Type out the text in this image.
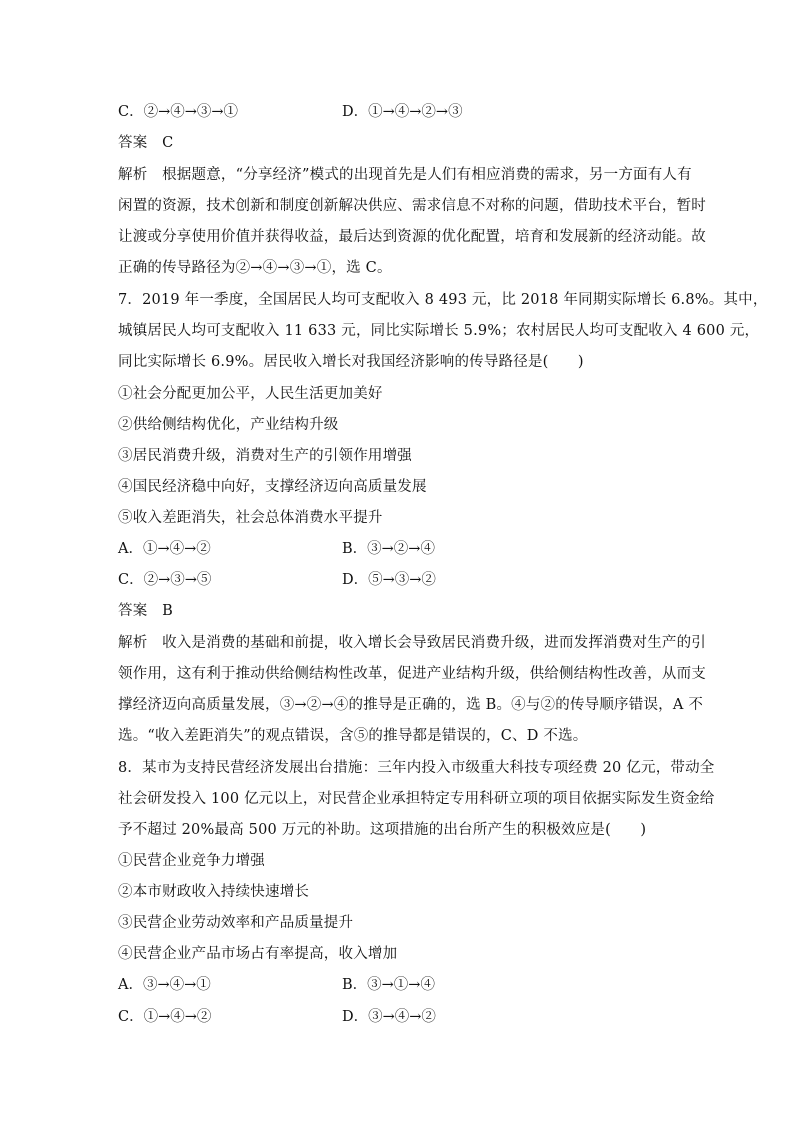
C．②→④→③→①	D．①→④→②→③
答案　C
解析　根据题意，“分享经济”模式的出现首先是人们有相应消费的需求，另一方面有人有
闲置的资源，技术创新和制度创新解决供应、需求信息不对称的问题，借助技术平台，暂时
让渡或分享使用价值并获得收益，最后达到资源的优化配置，培育和发展新的经济动能。故
正确的传导路径为②→④→③→①，选 C。
7．2019 年一季度，全国居民人均可支配收入 8 493 元，比 2018 年同期实际增长 6.8%。其中，
城镇居民人均可支配收入 11 633 元，同比实际增长 5.9%；农村居民人均可支配收入 4 600 元，
同比实际增长 6.9%。居民收入增长对我国经济影响的传导路径是(　　)
①社会分配更加公平，人民生活更加美好
②供给侧结构优化，产业结构升级
③居民消费升级，消费对生产的引领作用增强
④国民经济稳中向好，支撑经济迈向高质量发展
⑤收入差距消失，社会总体消费水平提升
A．①→④→②	B．③→②→④
C．②→③→⑤	D．⑤→③→②
答案　B
解析　收入是消费的基础和前提，收入增长会导致居民消费升级，进而发挥消费对生产的引
领作用，这有利于推动供给侧结构性改革，促进产业结构升级，供给侧结构性改善，从而支
撑经济迈向高质量发展，③→②→④的推导是正确的，选 B。④与②的传导顺序错误，A 不
选。“收入差距消失”的观点错误，含⑤的推导都是错误的，C、D 不选。
8．某市为支持民营经济发展出台措施：三年内投入市级重大科技专项经费 20 亿元，带动全
社会研发投入 100 亿元以上，对民营企业承担特定专用科研立项的项目依据实际发生资金给
予不超过 20%最高 500 万元的补助。这项措施的出台所产生的积极效应是(　　)
①民营企业竞争力增强
②本市财政收入持续快速增长
③民营企业劳动效率和产品质量提升
④民营企业产品市场占有率提高，收入增加
A．③→④→①	B．③→①→④
C．①→④→②	D．③→④→②
